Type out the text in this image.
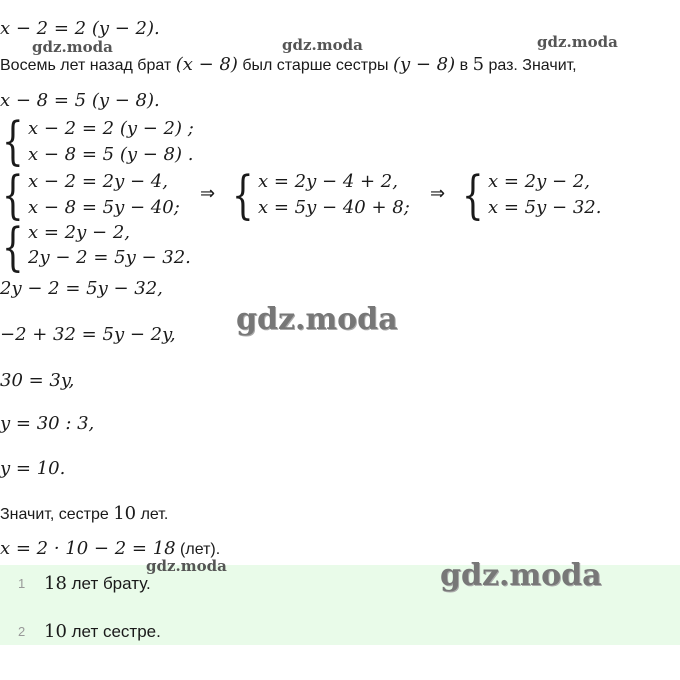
x − 2 = 2 (y − 2).
Восемь лет назад брат (x − 8) был старше сестры (y − 8) в 5 раз. Значит,
x − 8 = 5 (y − 8).
{ x − 2 = 2 (y − 2) ;
x − 8 = 5 (y − 8) .
{ x − 2 = 2y − 4,
x − 8 = 5y − 40;
⇒ { x = 2y − 4 + 2,
x = 5y − 40 + 8;
⇒ { x = 2y − 2,
x = 5y − 32.
{ x = 2y − 2,
2y − 2 = 5y − 32.
2y − 2 = 5y − 32,
−2 + 32 = 5y − 2y,
30 = 3y,
y = 30 : 3,
y = 10.
Значит, сестре 10 лет.
x = 2 · 10 − 2 = 18 (лет).
1 18 лет брату.
2 10 лет сестре.
gdz.moda	gdz.moda	gdz.moda
gdz.moda
gdz.moda	gdz.moda
